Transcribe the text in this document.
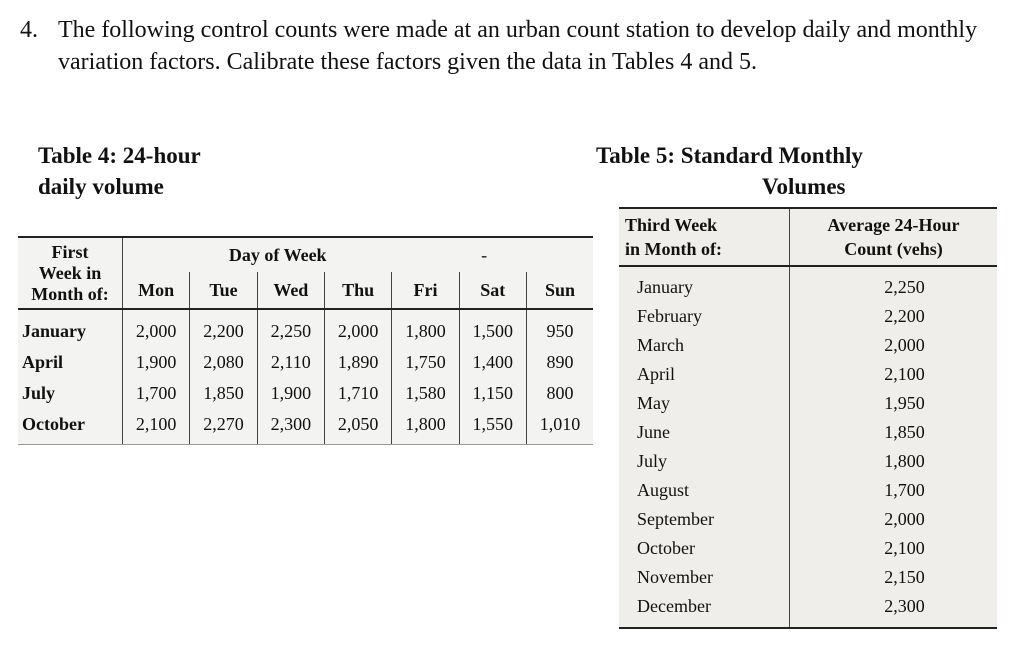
4. The following control counts were made at an urban count station to develop daily and monthly variation factors. Calibrate these factors given the data in Tables 4 and 5.
Table 4: 24-hour
daily volume
First
Week in
Month of:	Day of Week -						
	Mon	Tue	Wed	Thu	Fri	Sat	Sun
January	2,000	2,200	2,250	2,000	1,800	1,500	950
April	1,900	2,080	2,110	1,890	1,750	1,400	890
July	1,700	1,850	1,900	1,710	1,580	1,150	800
October	2,100	2,270	2,300	2,050	1,800	1,550	1,010
Table 5: Standard Monthly
Volumes
Third Week
in Month of:	Average 24-Hour
Count (vehs)
January	2,250
February	2,200
March	2,000
April	2,100
May	1,950
June	1,850
July	1,800
August	1,700
September	2,000
October	2,100
November	2,150
December	2,300
